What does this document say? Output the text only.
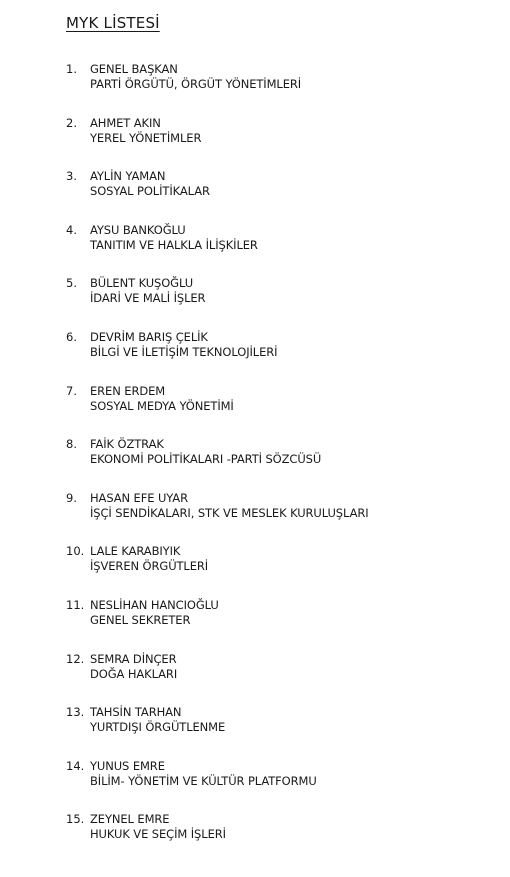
MYK LİSTESİ
1. GENEL BAŞKAN
PARTİ ÖRGÜTÜ, ÖRGÜT YÖNETİMLERİ
2. AHMET AKIN
YEREL YÖNETİMLER
3. AYLİN YAMAN
SOSYAL POLİTİKALAR
4. AYSU BANKOĞLU
TANITIM VE HALKLA İLİŞKİLER
5. BÜLENT KUŞOĞLU
İDARİ VE MALİ İŞLER
6. DEVRİM BARIŞ ÇELİK
BİLGİ VE İLETİŞİM TEKNOLOJİLERİ
7. EREN ERDEM
SOSYAL MEDYA YÖNETİMİ
8. FAİK ÖZTRAK
EKONOMİ POLİTİKALARI -PARTİ SÖZCÜSÜ
9. HASAN EFE UYAR
İŞÇİ SENDİKALARI, STK VE MESLEK KURULUŞLARI
10. LALE KARABIYIK
İŞVEREN ÖRGÜTLERİ
11. NESLİHAN HANCIOĞLU
GENEL SEKRETER
12. SEMRA DİNÇER
DOĞA HAKLARI
13. TAHSİN TARHAN
YURTDIŞI ÖRGÜTLENME
14. YUNUS EMRE
BİLİM- YÖNETİM VE KÜLTÜR PLATFORMU
15. ZEYNEL EMRE
HUKUK VE SEÇİM İŞLERİ
